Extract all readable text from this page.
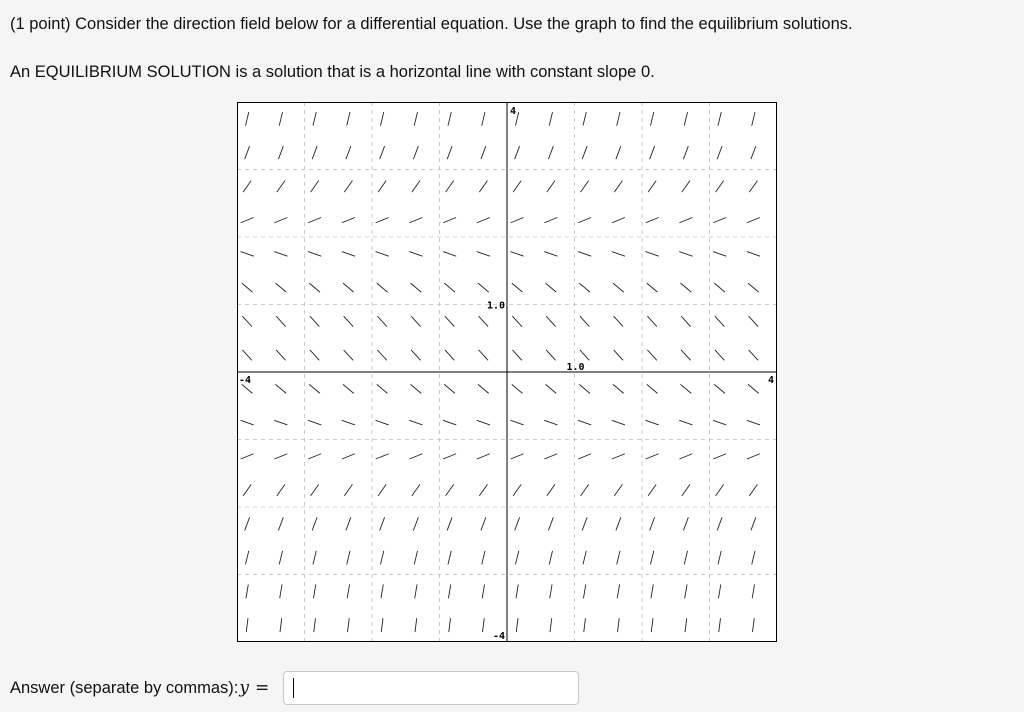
(1 point) Consider the direction field below for a differential equation. Use the graph to find the equilibrium solutions.
An EQUILIBRIUM SOLUTION is a solution that is a horizontal line with constant slope 0.
4
-4
-4	4
1.0
1.0
Answer (separate by commas): y =
